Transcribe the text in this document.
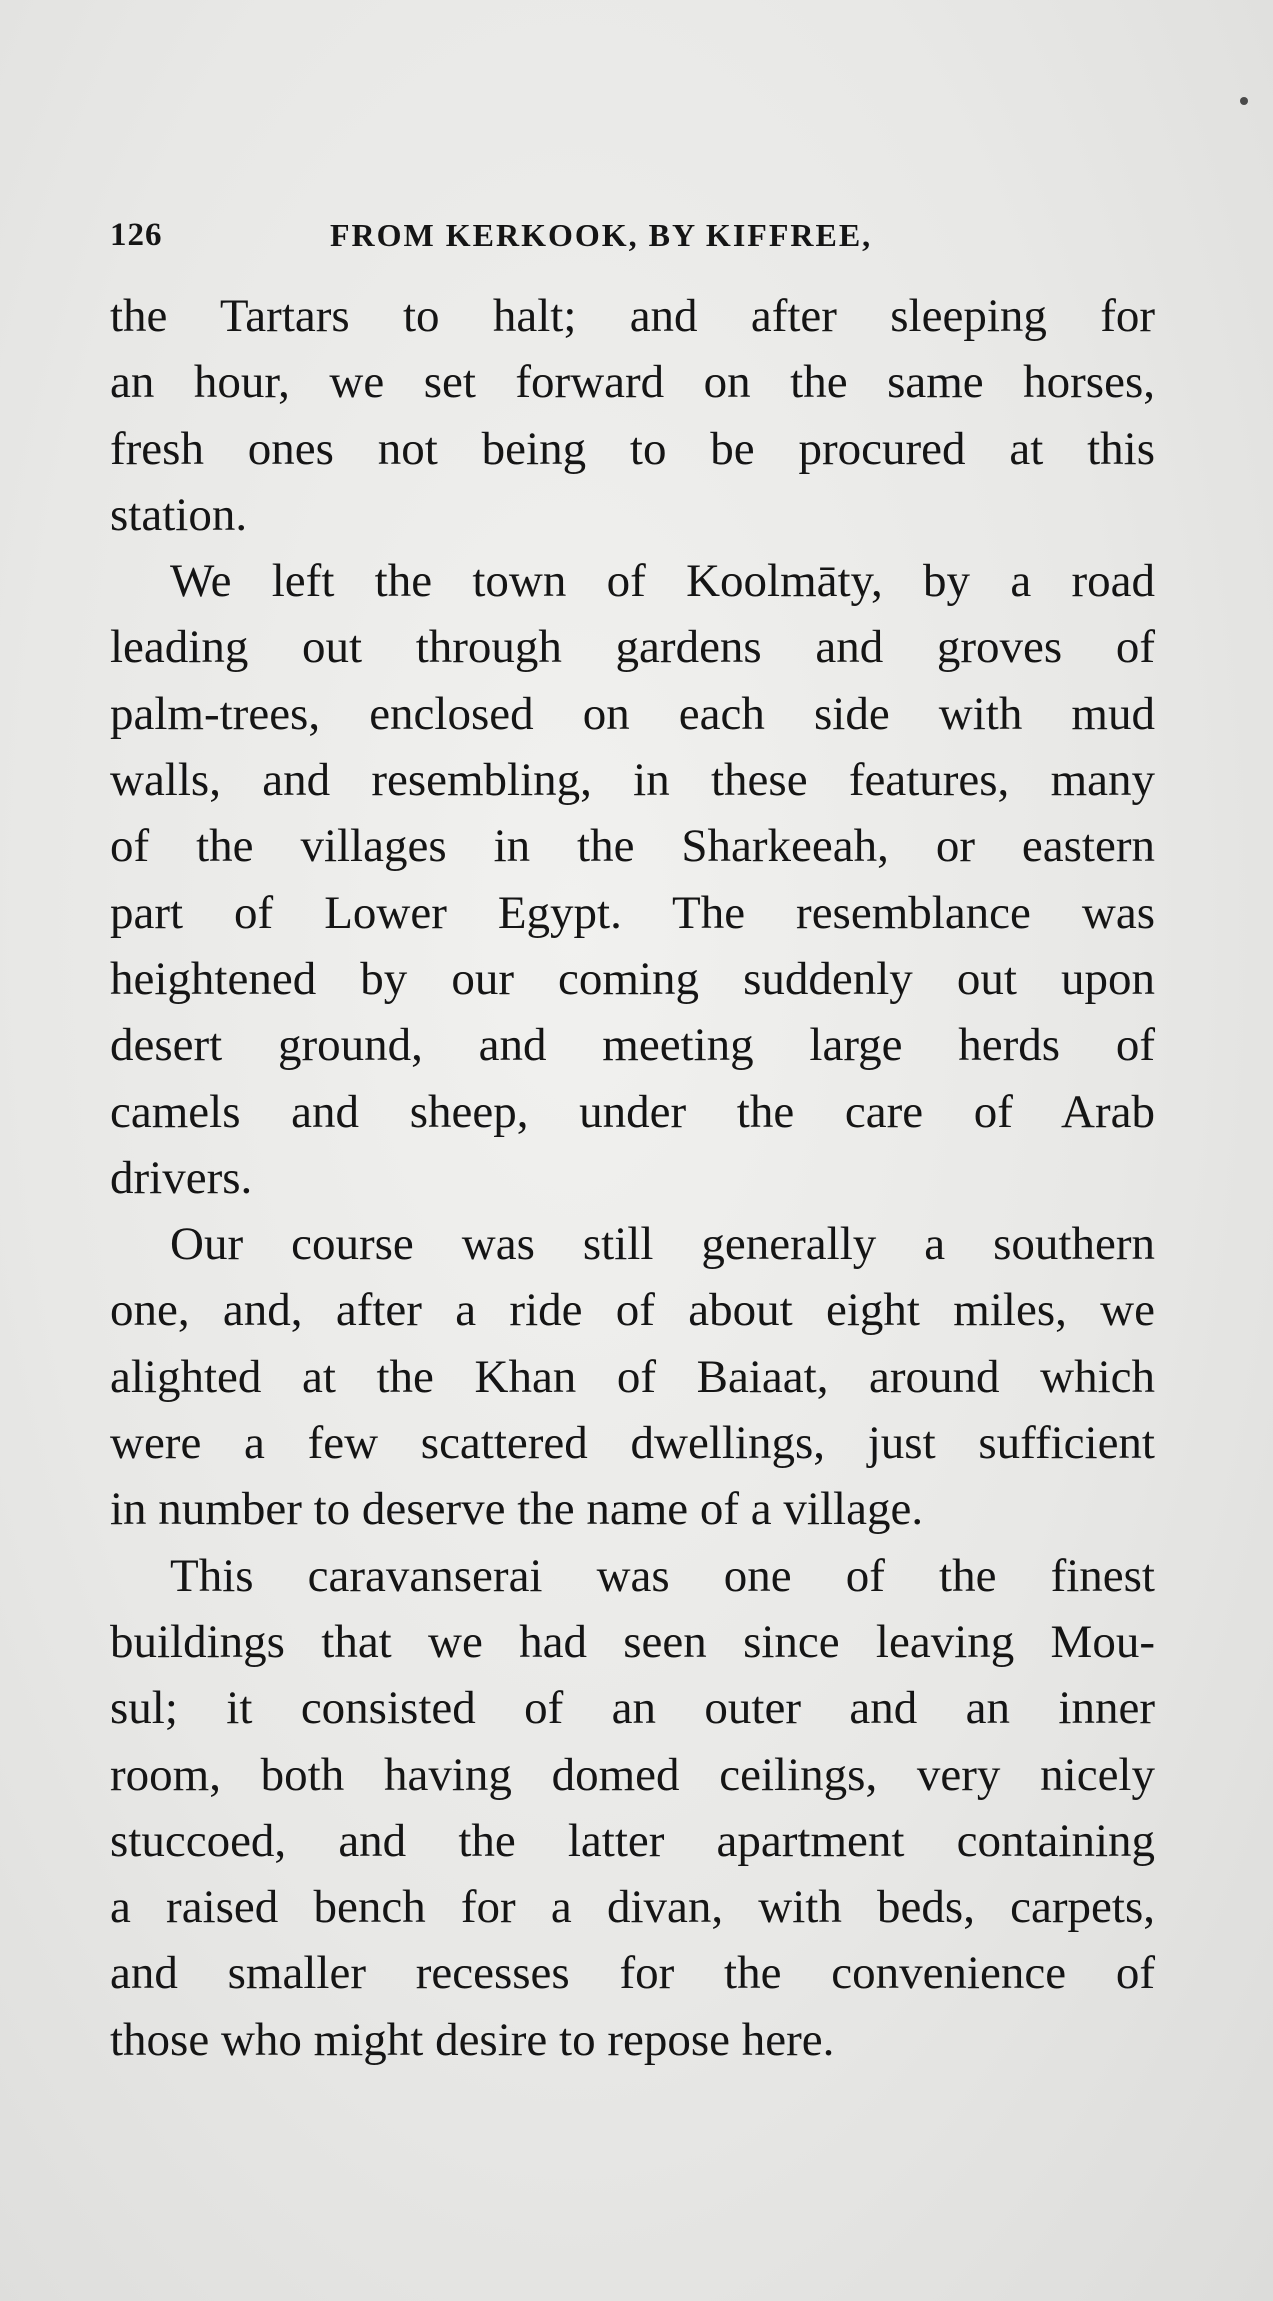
126	FROM KERKOOK, BY KIFFREE,

the Tartars to halt; and after sleeping for
an hour, we set forward on the same horses,
fresh ones not being to be procured at this
station.

We left the town of Koolmāty, by a road
leading out through gardens and groves of
palm-trees, enclosed on each side with mud
walls, and resembling, in these features, many
of the villages in the Sharkeeah, or eastern
part of Lower Egypt. The resemblance was
heightened by our coming suddenly out upon
desert ground, and meeting large herds of
camels and sheep, under the care of Arab
drivers.

Our course was still generally a southern
one, and, after a ride of about eight miles, we
alighted at the Khan of Baiaat, around which
were a few scattered dwellings, just sufficient
in number to deserve the name of a village.

This caravanserai was one of the finest
buildings that we had seen since leaving Mou-
sul; it consisted of an outer and an inner
room, both having domed ceilings, very nicely
stuccoed, and the latter apartment containing
a raised bench for a divan, with beds, carpets,
and smaller recesses for the convenience of
those who might desire to repose here.
